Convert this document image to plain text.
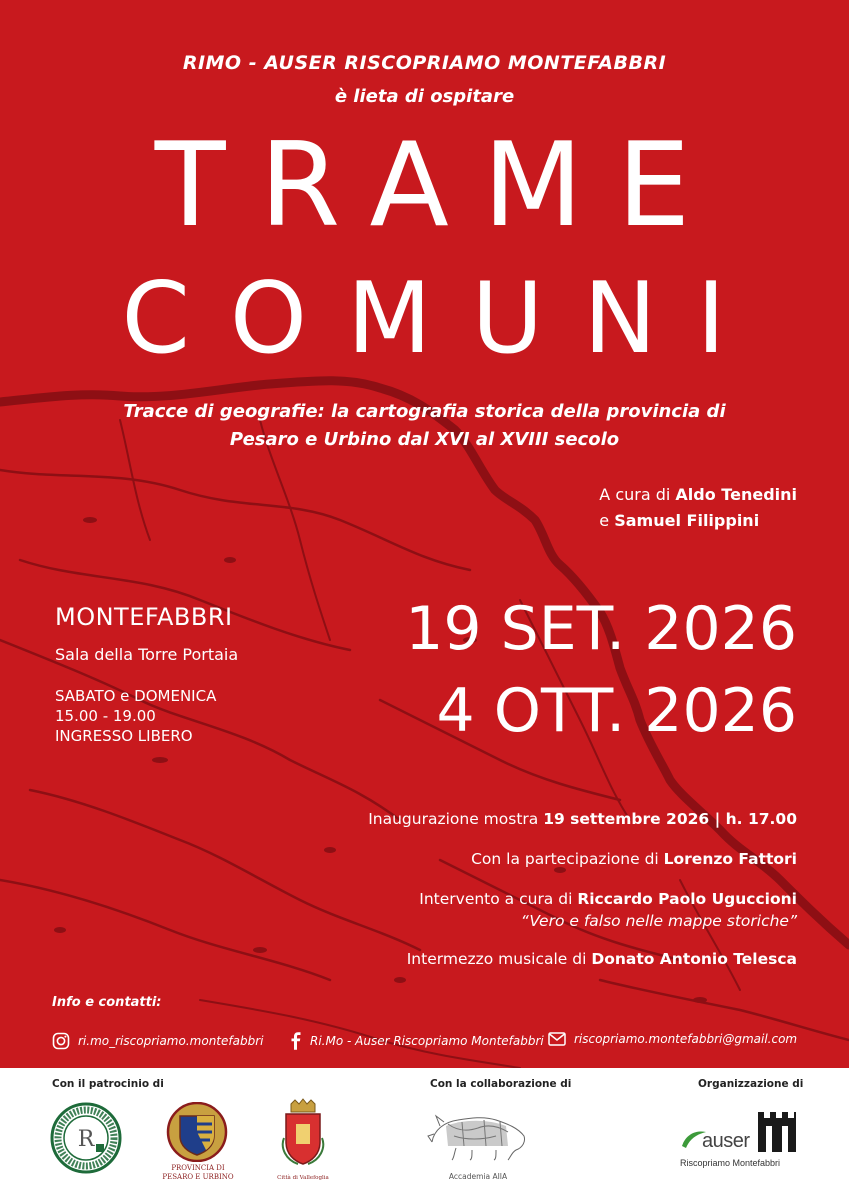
RIMO - AUSER RISCOPRIAMO MONTEFABBRI
è lieta di ospitare
TRAME
COMUNI
Tracce di geografie: la cartografia storica della provincia di
Pesaro e Urbino dal XVI al XVIII secolo
A cura di Aldo Tenedini
e Samuel Filippini
MONTEFABBRI
Sala della Torre Portaia
SABATO e DOMENICA
15.00 - 19.00
INGRESSO LIBERO
19 SET. 2026
4 OTT. 2026
Inaugurazione mostra 19 settembre 2026 | h. 17.00
Con la partecipazione di Lorenzo Fattori
Intervento a cura di Riccardo Paolo Uguccioni
“Vero e falso nelle mappe storiche”
Intermezzo musicale di Donato Antonio Telesca
Info e contatti:
ri.mo_riscopriamo.montefabbri	Ri.Mo - Auser Riscopriamo Montefabbri	riscopriamo.montefabbri@gmail.com
Con il patrocinio di	Con la collaborazione di	Organizzazione di
R
PROVINCIA DI
PESARO E URBINO	Città di Vallefoglia	Accademia AIIA
auser
Riscopriamo Montefabbri
